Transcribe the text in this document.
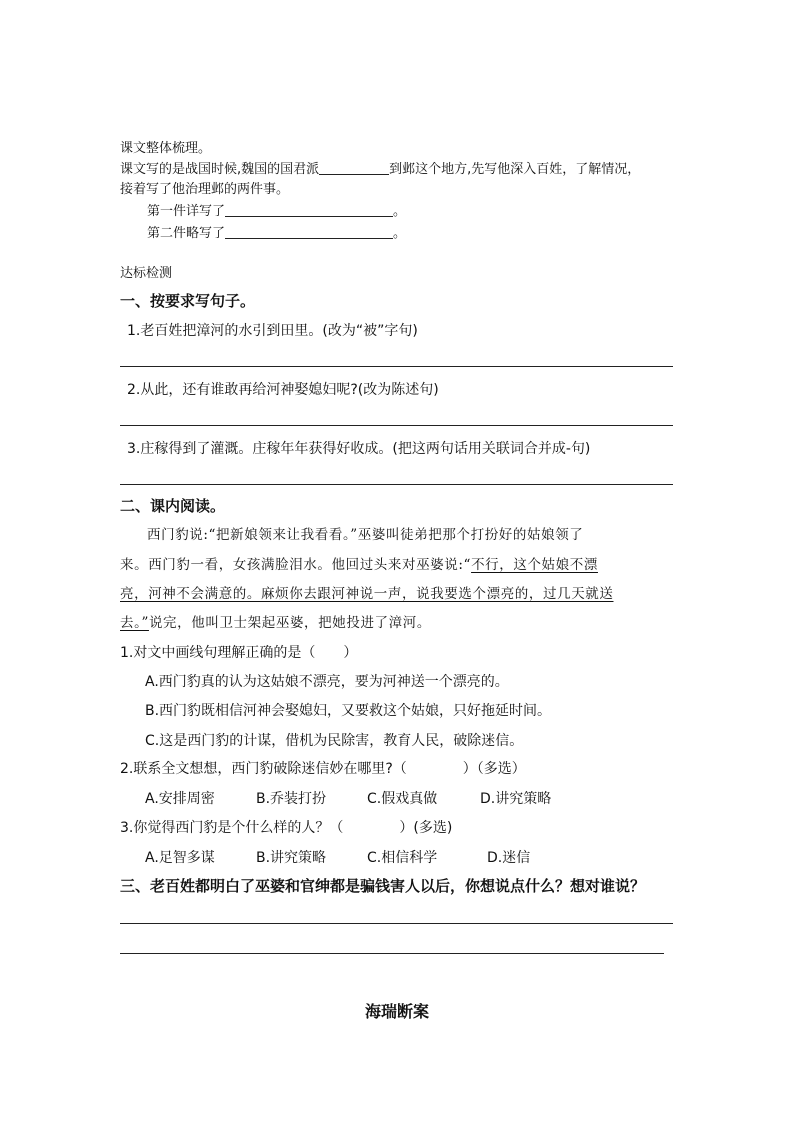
课文整体梳理。
课文写的是战国时候,魏国的国君派	到邺这个地方,先写他深入百姓，了解情况，
接着写了他治理邺的两件事。
第一件详写了	。
第二件略写了	。
达标检测
一、按要求写句子。
1.老百姓把漳河的水引到田里。(改为“被”字句)
2.从此，还有谁敢再给河神娶媳妇呢?(改为陈述句)
3.庄稼得到了灌溉。庄稼年年获得好收成。(把这两句话用关联词合并成-句)
二、课内阅读。
西门豹说:“把新娘领来让我看看。”巫婆叫徒弟把那个打扮好的姑娘领了
来。西门豹一看，女孩满脸泪水。他回过头来对巫婆说:“不行，这个姑娘不漂
亮，河神不会满意的。麻烦你去跟河神说一声，说我要选个漂亮的，过几天就送
去。”说完，他叫卫士架起巫婆，把她投进了漳河。
1.对文中画线句理解正确的是（　　）
A.西门豹真的认为这姑娘不漂亮，要为河神送一个漂亮的。
B.西门豹既相信河神会娶媳妇，又要救这个姑娘，只好拖延时间。
C.这是西门豹的计谋，借机为民除害，教育人民，破除迷信。
2.联系全文想想，西门豹破除迷信妙在哪里?（　　　　）（多选）
A.安排周密	B.乔装打扮	C.假戏真做	D.讲究策略
3.你觉得西门豹是个什么样的人？（　　　　）(多选)
A.足智多谋	B.讲究策略	C.相信科学	D.迷信
三、老百姓都明白了巫婆和官绅都是骗钱害人以后，你想说点什么？想对谁说？
海瑞断案
